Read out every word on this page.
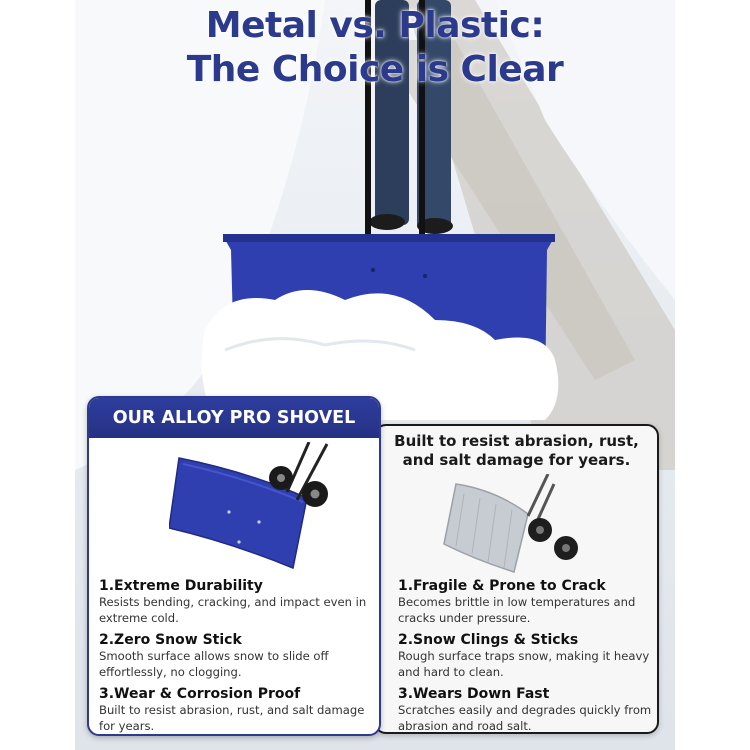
Metal vs. Plastic:
The Choice is Clear
Built to resist abrasion, rust,
and salt damage for years.
1.Fragile & Prone to Crack
Becomes brittle in low temperatures and cracks under pressure.
2.Snow Clings & Sticks
Rough surface traps snow, making it heavy and hard to clean.
3.Wears Down Fast
Scratches easily and degrades quickly from abrasion and road salt.
OUR ALLOY PRO SHOVEL
1.Extreme Durability
Resists bending, cracking, and impact even in extreme cold.
2.Zero Snow Stick
Smooth surface allows snow to slide off effortlessly, no clogging.
3.Wear & Corrosion Proof
Built to resist abrasion, rust, and salt damage for years.
